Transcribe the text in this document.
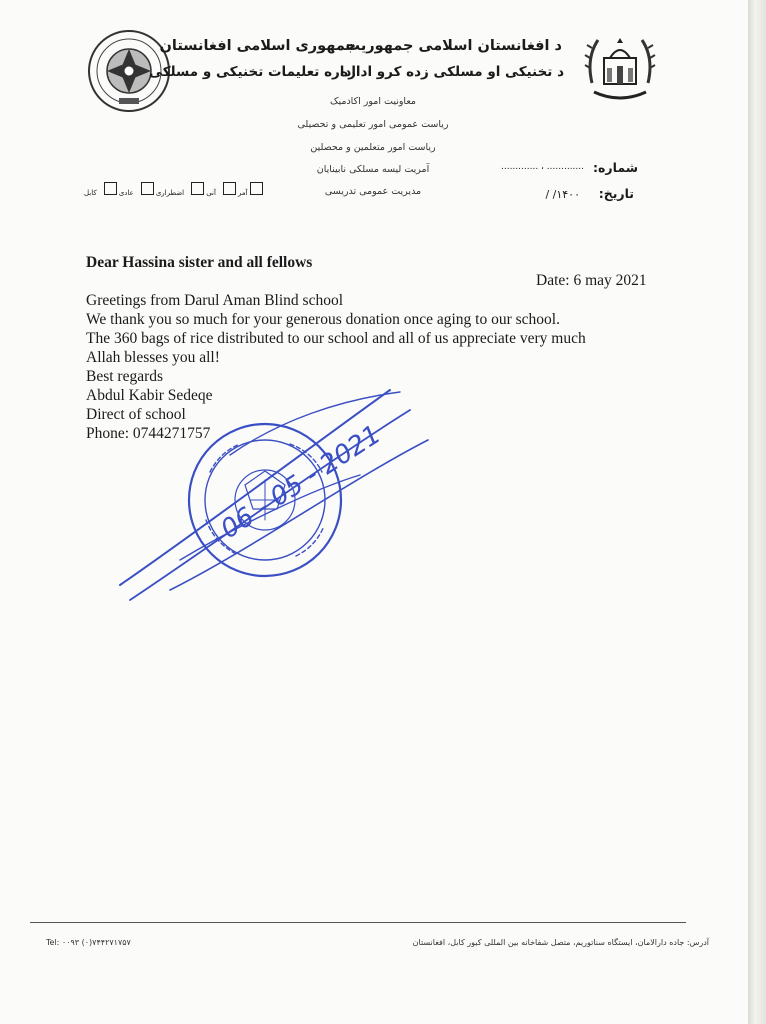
جمهوری اسلامی افغانستان
اداره تعلیمات تخنیکی و مسلکی
د افغانستان اسلامی جمهوریت
د تخنیکی او مسلکی زده کرو اداره
معاونیت امور اکادمیک
ریاست عمومی امور تعلیمی و تحصیلی
ریاست امور متعلمین و محصلین
آمریت لیسه مسلکی نابینایان
مدیریت عمومی تدریسی
شماره:
............. ، .............
تاریخ:
۱۴۰۰/ /
آمر آنی اضطراری عادی کابل
Dear Hassina sister and all fellows
Date: 6 may 2021
Greetings from Darul Aman Blind school
We thank you so much for your generous donation once aging to our school.
The 360 bags of rice distributed to our school and all of us appreciate very much
Allah blesses you all!
Best regards
Abdul Kabir Sedeqe
Direct of school
Phone: 0744271757 06 - 05 - 2021
آدرس: جاده دارالامان، ایستگاه سناتوریم، متصل شفاخانه بین المللی کیور کابل، افغانستان
Tel: ۰۰۹۳ (۰)۷۴۴۲۷۱۷۵۷
